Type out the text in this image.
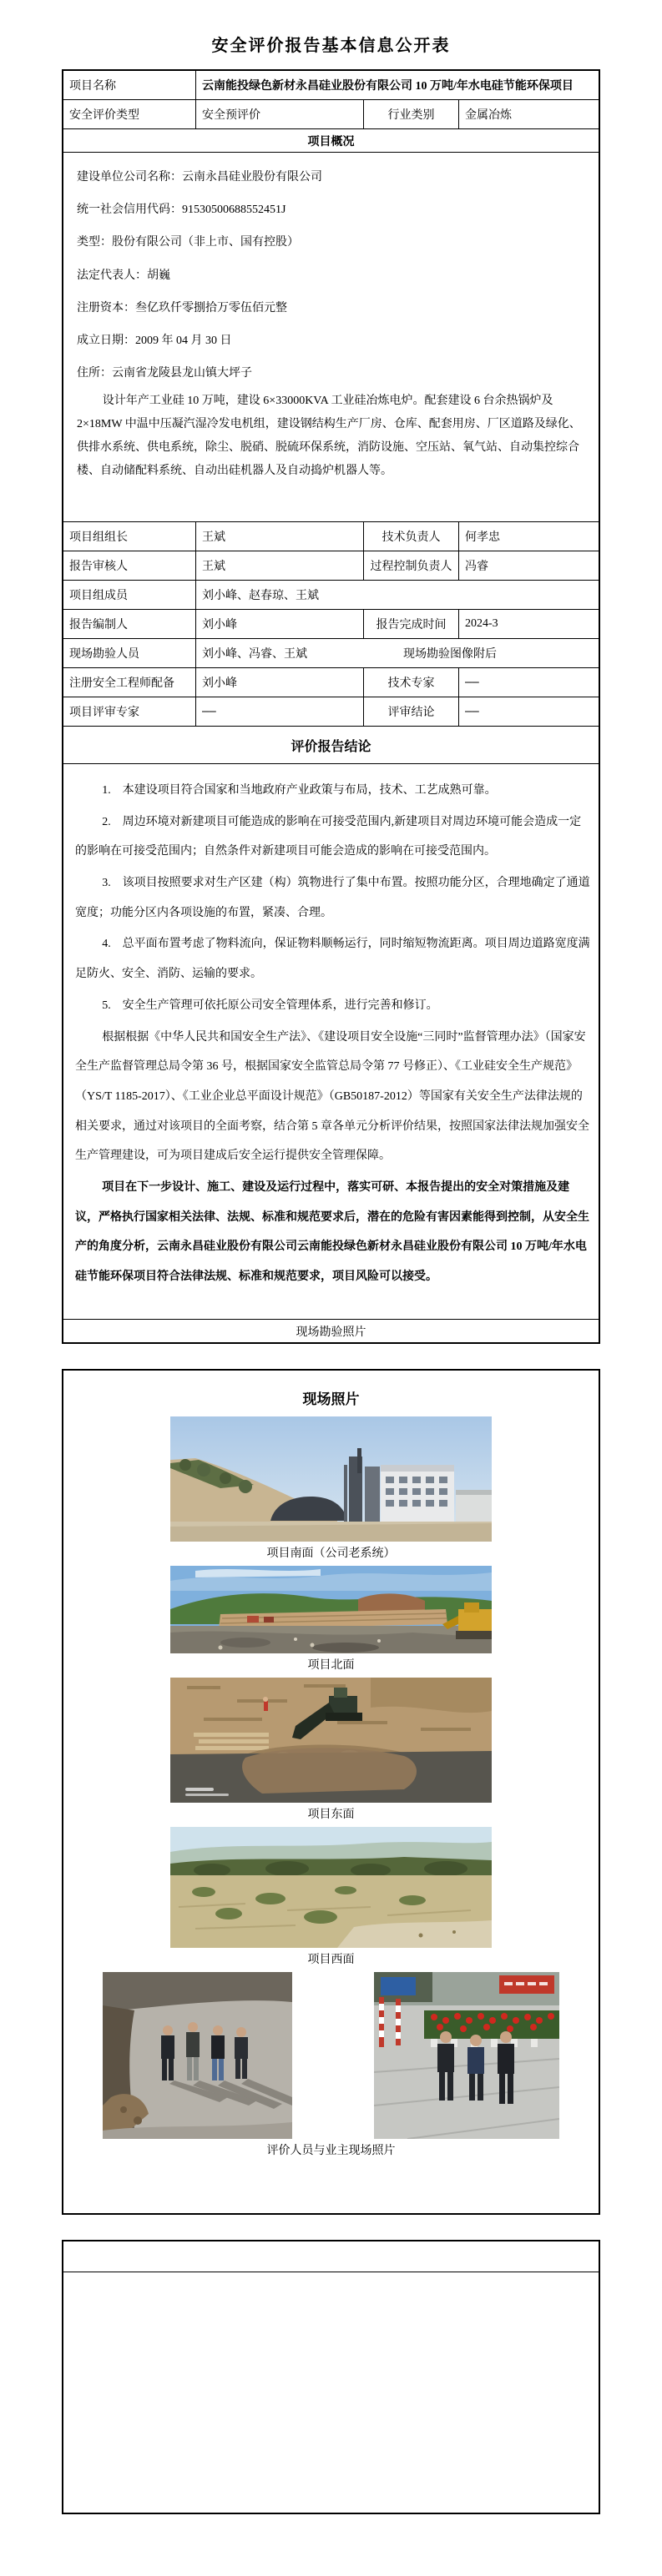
安全评价报告基本信息公开表
项目名称	云南能投绿色新材永昌硅业股份有限公司 10 万吨/年水电硅节能环保项目
安全评价类型	安全预评价	行业类别	金属冶炼
项目概况

建设单位公司名称：云南永昌硅业股份有限公司

统一社会信用代码：91530500688552451J

类型：股份有限公司（非上市、国有控股）

法定代表人：胡巍

注册资本：叁亿玖仟零捌拾万零伍佰元整

成立日期：2009 年 04 月 30 日

住所：云南省龙陵县龙山镇大坪子

设计年产工业硅 10 万吨，建设 6×33000KVA 工业硅冶炼电炉。配套建设 6 台余热锅炉及 2×18MW 中温中压凝汽湿冷发电机组，建设钢结构生产厂房、仓库、配套用房、厂区道路及绿化、供排水系统、供电系统，除尘、脱硝、脱硫环保系统，消防设施、空压站、氧气站、自动集控综合楼、自动储配料系统、自动出硅机器人及自动捣炉机器人等。

项目组组长	王斌	技术负责人	何孝忠
报告审核人	王斌	过程控制负责人	冯睿
项目组成员	刘小峰、赵春琼、王斌
报告编制人	刘小峰	报告完成时间	2024-3
现场勘验人员	刘小峰、冯睿、王斌	现场勘验图像附后
注册安全工程师配备	刘小峰	技术专家	——
项目评审专家	——	评审结论	——
评价报告结论

1.　本建设项目符合国家和当地政府产业政策与布局，技术、工艺成熟可靠。

2.　周边环境对新建项目可能造成的影响在可接受范围内,新建项目对周边环境可能会造成一定的影响在可接受范围内；自然条件对新建项目可能会造成的影响在可接受范围内。

3.　该项目按照要求对生产区建（构）筑物进行了集中布置。按照功能分区，合理地确定了通道宽度；功能分区内各项设施的布置，紧凑、合理。

4.　总平面布置考虑了物料流向，保证物料顺畅运行，同时缩短物流距离。项目周边道路宽度满足防火、安全、消防、运输的要求。

5.　安全生产管理可依托原公司安全管理体系，进行完善和修订。

根据根据《中华人民共和国安全生产法》、《建设项目安全设施“三同时”监督管理办法》（国家安全生产监督管理总局令第 36 号，根据国家安全监管总局令第 77 号修正）、《工业硅安全生产规范》（YS/T 1185-2017）、《工业企业总平面设计规范》（GB50187-2012）等国家有关安全生产法律法规的相关要求，通过对该项目的全面考察，结合第 5 章各单元分析评价结果，按照国家法律法规加强安全生产管理建设，可为项目建成后安全运行提供安全管理保障。

项目在下一步设计、施工、建设及运行过程中，落实可研、本报告提出的安全对策措施及建议，严格执行国家相关法律、法规、标准和规范要求后，潜在的危险有害因素能得到控制，从安全生产的角度分析，云南永昌硅业股份有限公司云南能投绿色新材永昌硅业股份有限公司 10 万吨/年水电硅节能环保项目符合法律法规、标准和规范要求，项目风险可以接受。

现场勘验照片
现场照片
项目南面（公司老系统）
项目北面
项目东面
项目西面
评价人员与业主现场照片
